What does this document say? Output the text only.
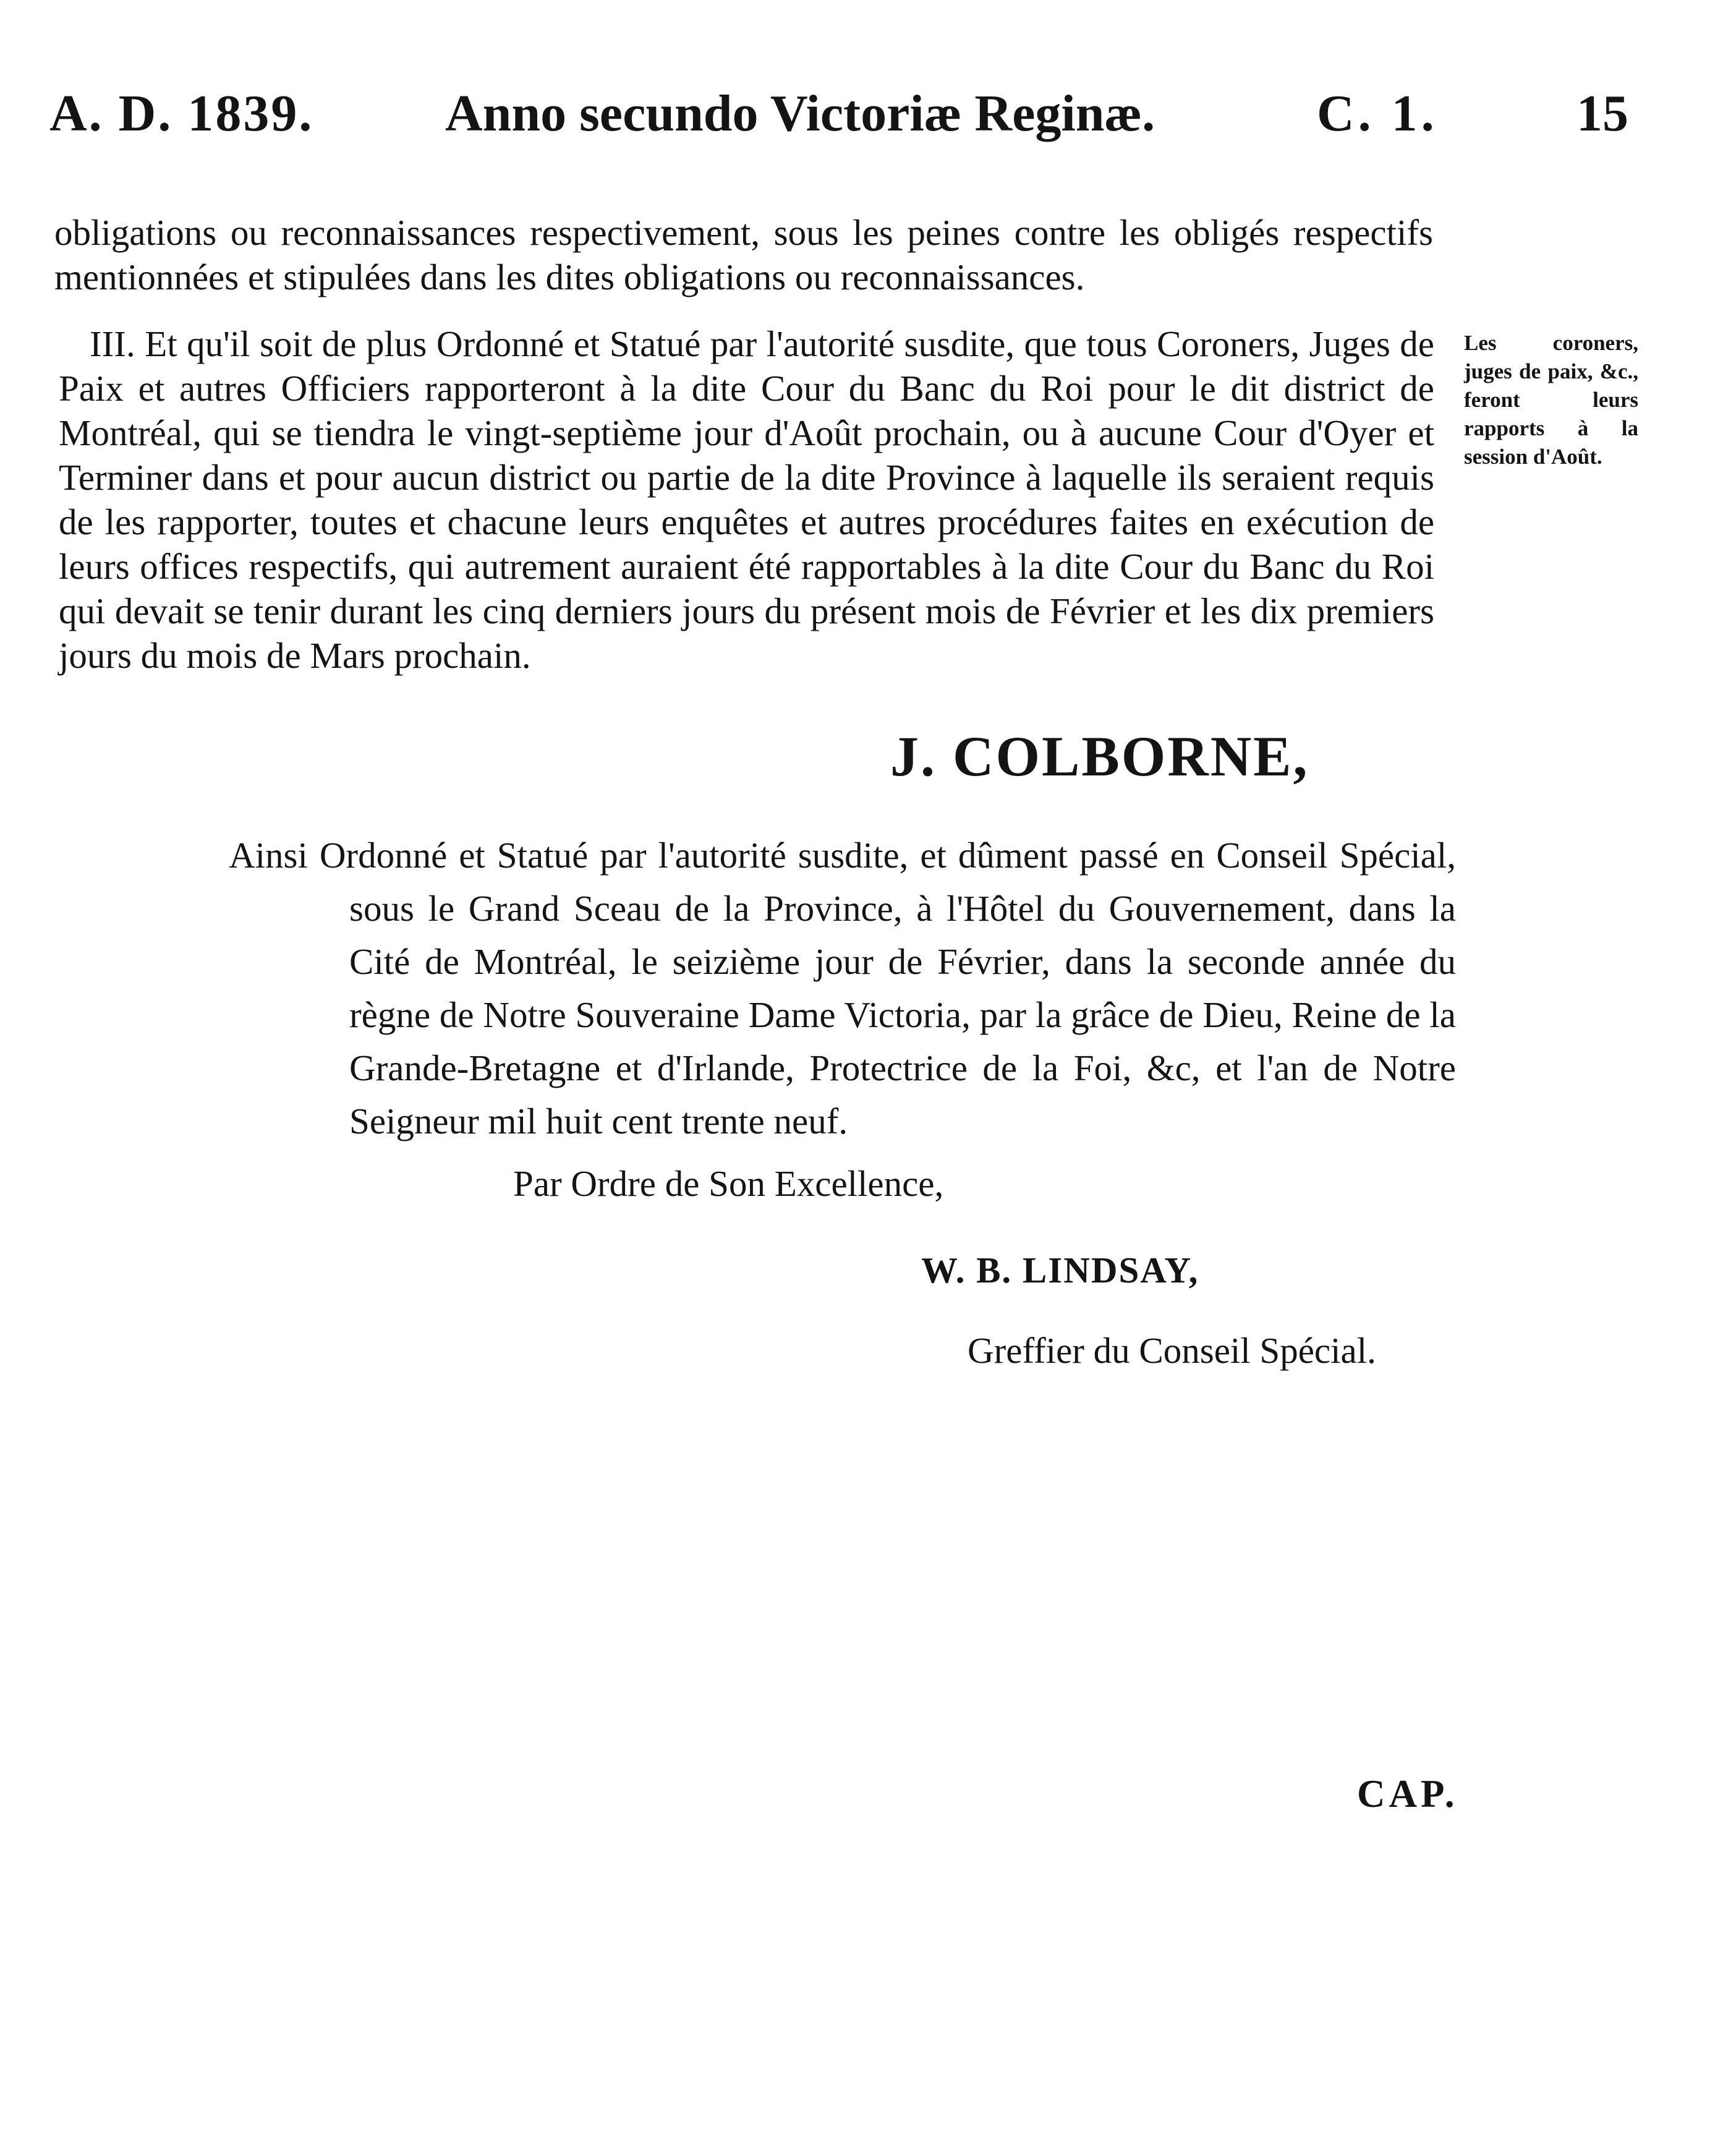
A. D. 1839.	Anno secundo Victoriæ Reginæ.	C. 1.	15

obligations ou reconnaissances respectivement, sous les peines contre les obligés respectifs mentionnées et stipulées dans les dites obligations ou reconnaissances.

III. Et qu'il soit de plus Ordonné et Statué par l'autorité susdite, que tous Coroners, Juges de Paix et autres Officiers rapporteront à la dite Cour du Banc du Roi pour le dit district de Montréal, qui se tiendra le vingt-septième jour d'Août prochain, ou à aucune Cour d'Oyer et Terminer dans et pour aucun district ou partie de la dite Province à laquelle ils seraient requis de les rapporter, toutes et chacune leurs enquêtes et autres procédures faites en exécution de leurs offices respectifs, qui autrement auraient été rapportables à la dite Cour du Banc du Roi qui devait se tenir durant les cinq derniers jours du présent mois de Février et les dix premiers jours du mois de Mars prochain.

Les coroners, juges de paix, &c., feront leurs rapports à la session d'Août.
J. COLBORNE,

Ainsi Ordonné et Statué par l'autorité susdite, et dûment passé en Conseil Spécial, sous le Grand Sceau de la Province, à l'Hôtel du Gouvernement, dans la Cité de Montréal, le seizième jour de Février, dans la seconde année du règne de Notre Souveraine Dame Victoria, par la grâce de Dieu, Reine de la Grande-Bretagne et d'Irlande, Protectrice de la Foi, &c, et l'an de Notre Seigneur mil huit cent trente neuf.

Par Ordre de Son Excellence,
W. B. LINDSAY,
Greffier du Conseil Spécial.
CAP.
